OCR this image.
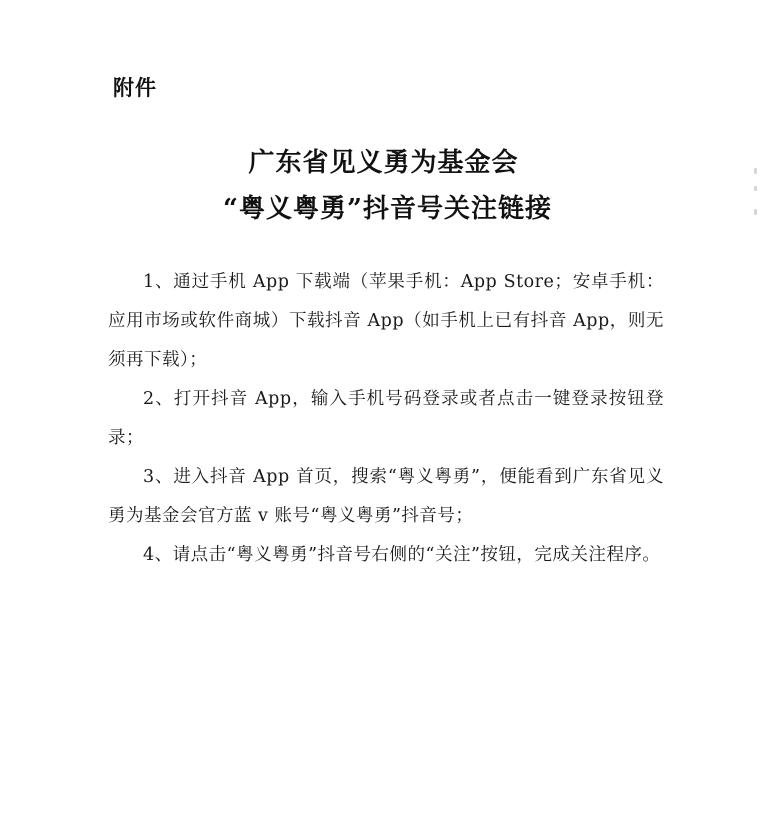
附件
广东省见义勇为基金会
“粤义粤勇”抖音号关注链接

1、通过手机 App 下载端（苹果手机：App Store；安卓手机：应用市场或软件商城）下载抖音 App（如手机上已有抖音 App，则无须再下载）；

2、打开抖音 App，输入手机号码登录或者点击一键登录按钮登录；

3、进入抖音 App 首页，搜索“粤义粤勇”，便能看到广东省见义勇为基金会官方蓝 v 账号“粤义粤勇”抖音号；

4、请点击“粤义粤勇”抖音号右侧的“关注”按钮，完成关注程序。
